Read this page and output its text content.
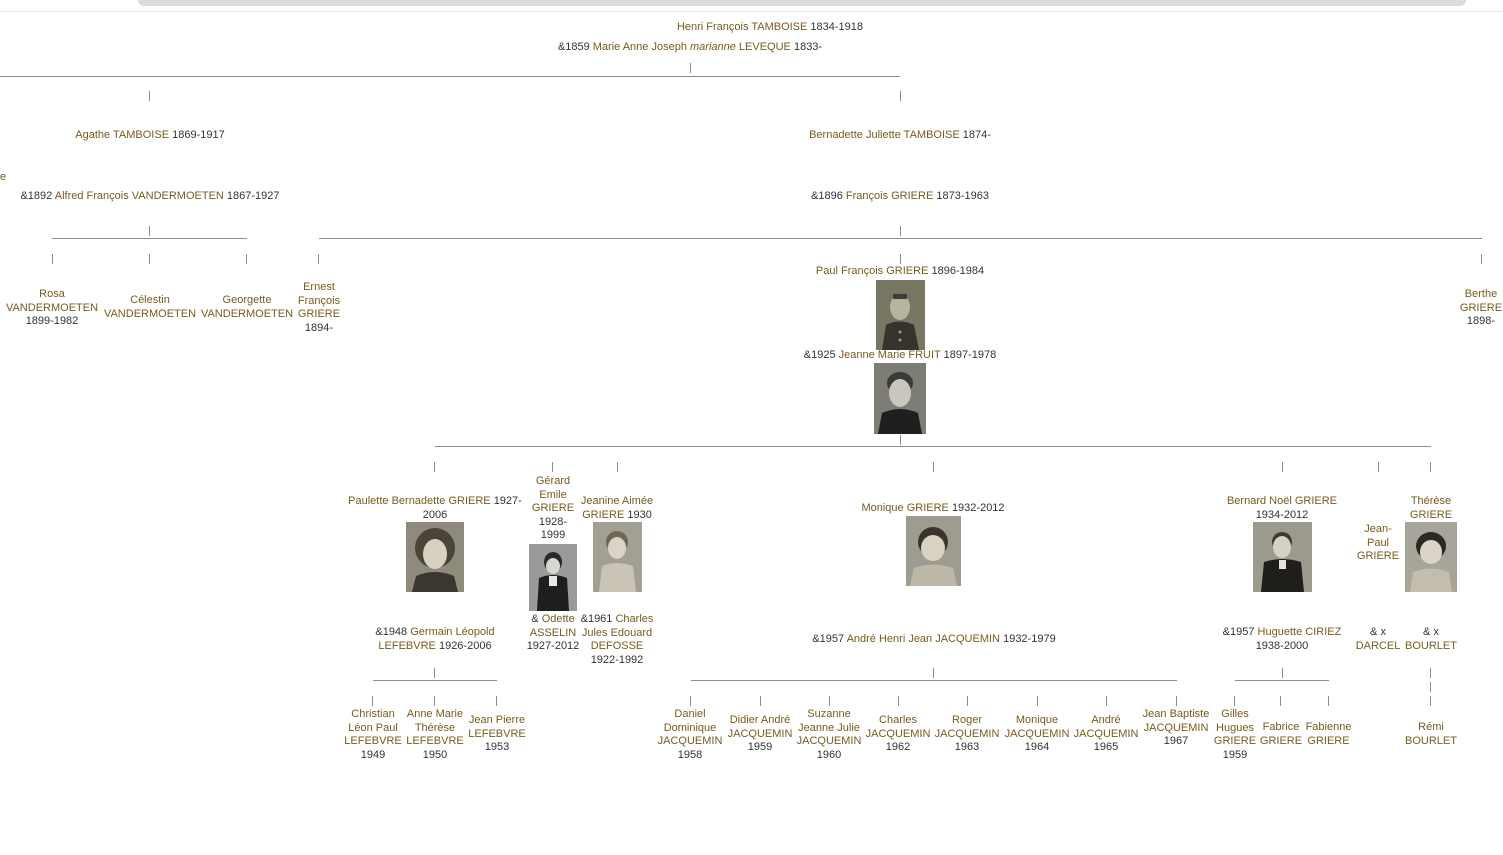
Henri François TAMBOISE 1834-1918
&1859 Marie Anne Joseph marianne LEVEQUE 1833-
e
Agathe TAMBOISE 1869-1917
&1892 Alfred François VANDERMOETEN 1867-1927
Bernadette Juliette TAMBOISE 1874-
&1896 François GRIERE 1873-1963
Rosa VANDERMOETEN
1899-1982
Célestin VANDERMOETEN
Georgette VANDERMOETEN
Ernest François GRIERE
1894-
Paul François GRIERE 1896-1984
&1925 Jeanne Marie FRUIT 1897-1978
Berthe GRIERE
1898-
Paulette Bernadette GRIERE 1927-2006
&1948 Germain Léopold LEFEBVRE 1926-2006
Gérard Emile GRIERE
1928-1999
& Odette ASSELIN
1927-2012
Jeanine Aimée GRIERE 1930
&1961 Charles Jules Edouard DEFOSSE
1922-1992
Monique GRIERE 1932-2012
&1957 André Henri Jean JACQUEMIN 1932-1979
Bernard Noël GRIERE
1934-2012
&1957 Huguette CIRIEZ
1938-2000
Jean-Paul GRIERE
& x
DARCEL
Thérèse GRIERE
& x
BOURLET
Christian Léon Paul LEFEBVRE
1949
Anne Marie Thérèse LEFEBVRE
1950
Jean Pierre LEFEBVRE
1953
Daniel Dominique JACQUEMIN
1958
Didier André JACQUEMIN
1959
Suzanne Jeanne Julie JACQUEMIN
1960
Charles JACQUEMIN
1962
Roger JACQUEMIN
1963
Monique JACQUEMIN
1964
André JACQUEMIN
1965
Jean Baptiste JACQUEMIN
1967
Gilles Hugues GRIERE
1959
Fabrice GRIERE
Fabienne GRIERE
Rémi BOURLET
